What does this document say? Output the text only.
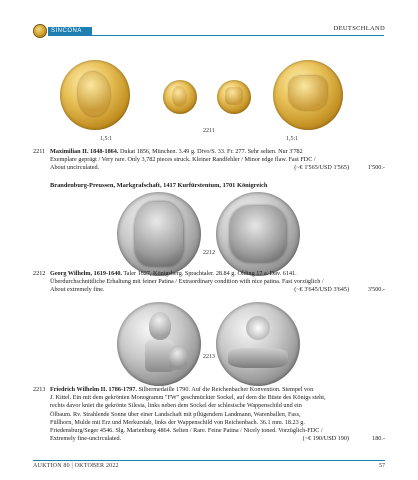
SINCONA	DEUTSCHLAND
2211
1,5:1	1,5:1
2211 Maximilian II. 1848-1864. Dukat 1856, München. 3.49 g. Divo/S. 33. Fr. 277. Sehr selten. Nur 3'782
Exemplare geprägt / Very rare. Only 3,782 pieces struck. Kleiner Randfehler / Minor edge flaw. Fast FDC /
About uncirculated.	(~€ 1'565/USD 1'565)	1'500.-
Brandenburg-Preussen, Markgrafschaft, 1417 Kurfürstentum, 1701 Königreich
2212
2212 Georg Wilhelm, 1619-1640. Taler 1627, Königsberg. Sprachtaler. 28.84 g. Olding 17 a. Dav. 6141.
Überdurchschnittliche Erhaltung mit feiner Patina / Extraordinary condition with nice patina. Fast vorzüglich /
About extremely fine.	(~€ 3'645/USD 3'645)	3'500.-
2213
2213 Friedrich Wilhelm II. 1786-1797. Silbermedaille 1790. Auf die Reichenbacher Konvention. Stempel von
J. Kittel. Ein mit dem gekrönten Monogramm "FW" geschmückter Sockel, auf dem die Büste des Königs steht,
rechts davor kniet die gekrönte Silesia, links neben dem Sockel der schlesische Wappenschild und ein
Ölbaum. Rv. Strahlende Sonne über einer Landschaft mit pflügendem Landmann, Warenballen, Fass,
Füllhorn, Mulde mit Erz und Merkurstab, links der Wappenschild von Reichenbach. 36.1 mm. 18.23 g.
Friedensburg/Seger 4546. Slg. Marienburg 4864. Selten / Rare. Feine Patina / Nicely toned. Vorzüglich-FDC /
Extremely fine-uncirculated.	(~€ 190/USD 190)	180.-
AUKTION 80 | OKTOBER 2022	57
